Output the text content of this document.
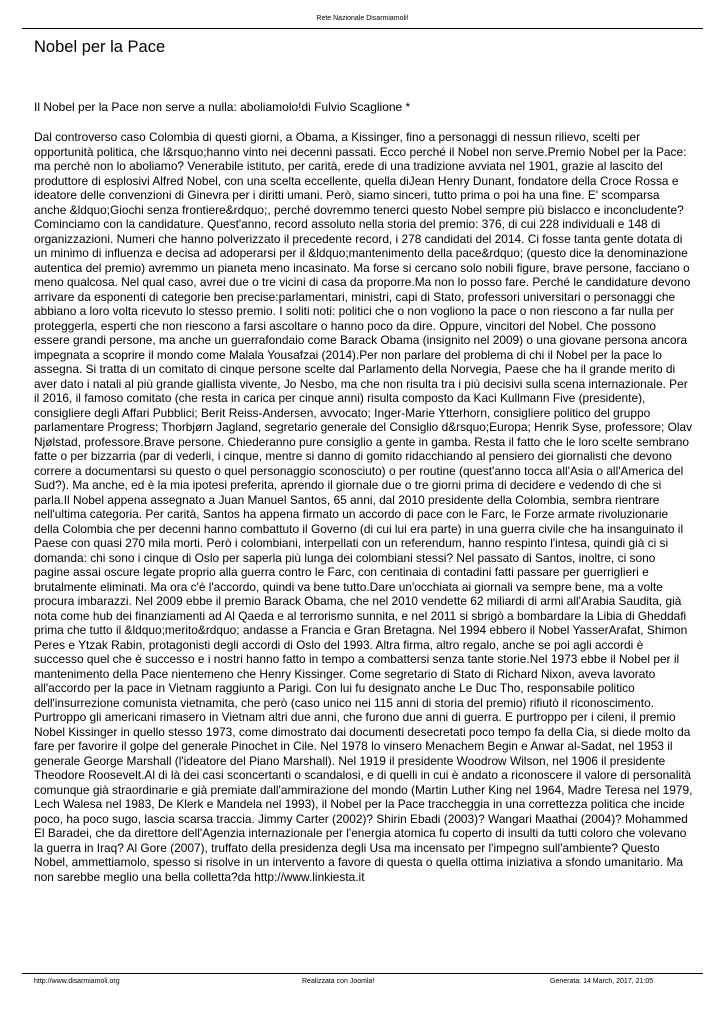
Rete Nazionale Disarmiamoli!
Nobel per la Pace
Il Nobel per la Pace non serve a nulla: aboliamolo!di Fulvio Scaglione *

Dal controverso caso Colombia di questi giorni, a Obama, a Kissinger, fino a personaggi di nessun rilievo, scelti per opportunità politica, che l&rsquo;hanno vinto nei decenni passati. Ecco perché il Nobel non serve.Premio Nobel per la Pace: ma perché non lo aboliamo? Venerabile istituto, per carità, erede di una tradizione avviata nel 1901, grazie al lascito del produttore di esplosivi Alfred Nobel, con una scelta eccellente, quella diJean Henry Dunant, fondatore della Croce Rossa e ideatore delle convenzioni di Ginevra per i diritti umani. Però, siamo sinceri, tutto prima o poi ha una fine. E' scomparsa anche &ldquo;Giochi senza frontiere&rdquo;, perché dovremmo tenerci questo Nobel sempre più bislacco e inconcludente?Cominciamo con la candidature. Quest'anno, record assoluto nella storia del premio: 376, di cui 228 individuali e 148 di organizzazioni. Numeri che hanno polverizzato il precedente record, i 278 candidati del 2014. Ci fosse tanta gente dotata di un minimo di influenza e decisa ad adoperarsi per il &ldquo;mantenimento della pace&rdquo; (questo dice la denominazione autentica del premio) avremmo un pianeta meno incasinato. Ma forse si cercano solo nobili figure, brave persone, facciano o meno qualcosa. Nel qual caso, avrei due o tre vicini di casa da proporre.Ma non lo posso fare. Perché le candidature devono arrivare da esponenti di categorie ben precise:parlamentari, ministri, capi di Stato, professori universitari o personaggi che abbiano a loro volta ricevuto lo stesso premio. I soliti noti: politici che o non vogliono la pace o non riescono a far nulla per proteggerla, esperti che non riescono a farsi ascoltare o hanno poco da dire. Oppure, vincitori del Nobel. Che possono essere grandi persone, ma anche un guerrafondaio come Barack Obama (insignito nel 2009) o una giovane persona ancora impegnata a scoprire il mondo come Malala Yousafzai (2014).Per non parlare del problema di chi il Nobel per la pace lo assegna. Si tratta di un comitato di cinque persone scelte dal Parlamento della Norvegia, Paese che ha il grande merito di aver dato i natali al più grande giallista vivente, Jo Nesbo, ma che non risulta tra i più decisivi sulla scena internazionale. Per il 2016, il famoso comitato (che resta in carica per cinque anni) risulta composto da Kaci Kullmann Five (presidente), consigliere degli Affari Pubblici; Berit Reiss-Andersen, avvocato; Inger-Marie Ytterhorn, consigliere politico del gruppo parlamentare Progress; Thorbjørn Jagland, segretario generale del Consiglio d&rsquo;Europa; Henrik Syse, professore; Olav Njølstad, professore.Brave persone. Chiederanno pure consiglio a gente in gamba. Resta il fatto che le loro scelte sembrano fatte o per bizzarria (par di vederli, i cinque, mentre si danno di gomito ridacchiando al pensiero dei giornalisti che devono correre a documentarsi su questo o quel personaggio sconosciuto) o per routine (quest'anno tocca all'Asia o all'America del Sud?). Ma anche, ed è la mia ipotesi preferita, aprendo il giornale due o tre giorni prima di decidere e vedendo di che si parla.Il Nobel appena assegnato a Juan Manuel Santos, 65 anni, dal 2010 presidente della Colombia, sembra rientrare nell'ultima categoria. Per carità, Santos ha appena firmato un accordo di pace con le Farc, le Forze armate rivoluzionarie della Colombia che per decenni hanno combattuto il Governo (di cui lui era parte) in una guerra civile che ha insanguinato il Paese con quasi 270 mila morti. Però i colombiani, interpellati con un referendum, hanno respinto l'intesa, quindi già ci si domanda: chi sono i cinque di Oslo per saperla più lunga dei colombiani stessi? Nel passato di Santos, inoltre, ci sono pagine assai oscure legate proprio alla guerra contro le Farc, con centinaia di contadini fatti passare per guerriglieri e brutalmente eliminati. Ma ora c'è l'accordo, quindi va bene tutto.Dare un'occhiata ai giornali va sempre bene, ma a volte procura imbarazzi. Nel 2009 ebbe il premio Barack Obama, che nel 2010 vendette 62 miliardi di armi all'Arabia Saudita, già nota come hub dei finanziamenti ad Al Qaeda e al terrorismo sunnita, e nel 2011 si sbrigò a bombardare la Libia di Gheddafi prima che tutto il &ldquo;merito&rdquo; andasse a Francia e Gran Bretagna. Nel 1994 ebbero il Nobel YasserArafat, Shimon Peres e Ytzak Rabin, protagonisti degli accordi di Oslo del 1993. Altra firma, altro regalo, anche se poi agli accordi è successo quel che è successo e i nostri hanno fatto in tempo a combattersi senza tante storie.Nel 1973 ebbe il Nobel per il mantenimento della Pace nientemeno che Henry Kissinger. Come segretario di Stato di Richard Nixon, aveva lavorato all'accordo per la pace in Vietnam raggiunto a Parigi. Con lui fu designato anche Le Duc Tho, responsabile politico dell'insurrezione comunista vietnamita, che però (caso unico nei 115 anni di storia del premio) rifiutò il riconoscimento. Purtroppo gli americani rimasero in Vietnam altri due anni, che furono due anni di guerra. E purtroppo per i cileni, il premio Nobel Kissinger in quello stesso 1973, come dimostrato dai documenti desecretati poco tempo fa della Cia, si diede molto da fare per favorire il golpe del generale Pinochet in Cile. Nel 1978 lo vinsero Menachem Begin e Anwar al-Sadat, nel 1953 il generale George Marshall (l'ideatore del Piano Marshall). Nel 1919 il presidente Woodrow Wilson, nel 1906 il presidente Theodore Roosevelt.Al di là dei casi sconcertanti o scandalosi, e di quelli in cui è andato a riconoscere il valore di personalità comunque già straordinarie e già premiate dall'ammirazione del mondo (Martin Luther King nel 1964, Madre Teresa nel 1979, Lech Walesa nel 1983, De Klerk e Mandela nel 1993), il Nobel per la Pace traccheggia in una correttezza politica che incide poco, ha poco sugo, lascia scarsa traccia. Jimmy Carter (2002)? Shirin Ebadi (2003)? Wangari Maathai (2004)? Mohammed El Baradei, che da direttore dell'Agenzia internazionale per l'energia atomica fu coperto di insulti da tutti coloro che volevano la guerra in Iraq? Al Gore (2007), truffato della presidenza degli Usa ma incensato per l'impegno sull'ambiente? Questo Nobel, ammettiamolo, spesso si risolve in un intervento a favore di questa o quella ottima iniziativa a sfondo umanitario. Ma non sarebbe meglio una bella colletta?da http://www.linkiesta.it

http://www.disarmiamoli.org	Realizzata con Joomla!	Generata: 14 March, 2017, 21:05
